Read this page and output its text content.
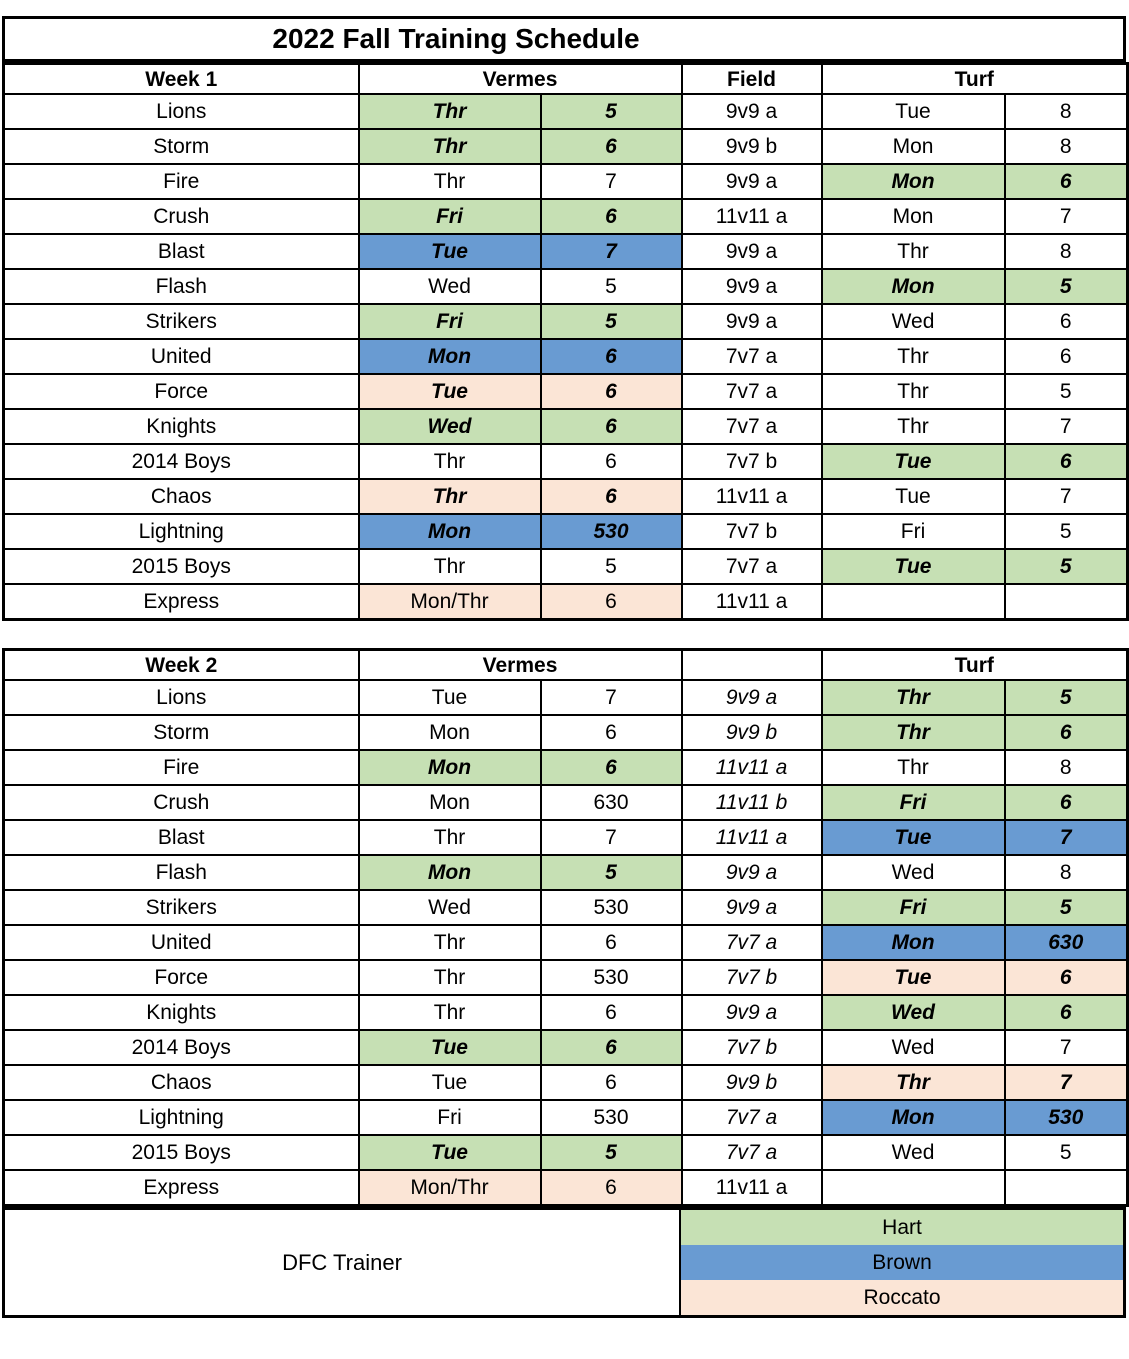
2022 Fall Training Schedule
Week 1	Vermes		Field	Turf	
Lions	Thr	5	9v9 a	Tue	8
Storm	Thr	6	9v9 b	Mon	8
Fire	Thr	7	9v9 a	Mon	6
Crush	Fri	6	11v11 a	Mon	7
Blast	Tue	7	9v9 a	Thr	8
Flash	Wed	5	9v9 a	Mon	5
Strikers	Fri	5	9v9 a	Wed	6
United	Mon	6	7v7 a	Thr	6
Force	Tue	6	7v7 a	Thr	5
Knights	Wed	6	7v7 a	Thr	7
2014 Boys	Thr	6	7v7 b	Tue	6
Chaos	Thr	6	11v11 a	Tue	7
Lightning	Mon	530	7v7 b	Fri	5
2015 Boys	Thr	5	7v7 a	Tue	5
Express	Mon/Thr	6	11v11 a		
Week 2	Vermes			Turf	
Lions	Tue	7	9v9 a	Thr	5
Storm	Mon	6	9v9 b	Thr	6
Fire	Mon	6	11v11 a	Thr	8
Crush	Mon	630	11v11 b	Fri	6
Blast	Thr	7	11v11 a	Tue	7
Flash	Mon	5	9v9 a	Wed	8
Strikers	Wed	530	9v9 a	Fri	5
United	Thr	6	7v7 a	Mon	630
Force	Thr	530	7v7 b	Tue	6
Knights	Thr	6	9v9 a	Wed	6
2014 Boys	Tue	6	7v7 b	Wed	7
Chaos	Tue	6	9v9 b	Thr	7
Lightning	Fri	530	7v7 a	Mon	530
2015 Boys	Tue	5	7v7 a	Wed	5
Express	Mon/Thr	6	11v11 a		
DFC Trainer
Hart
Brown
Roccato
